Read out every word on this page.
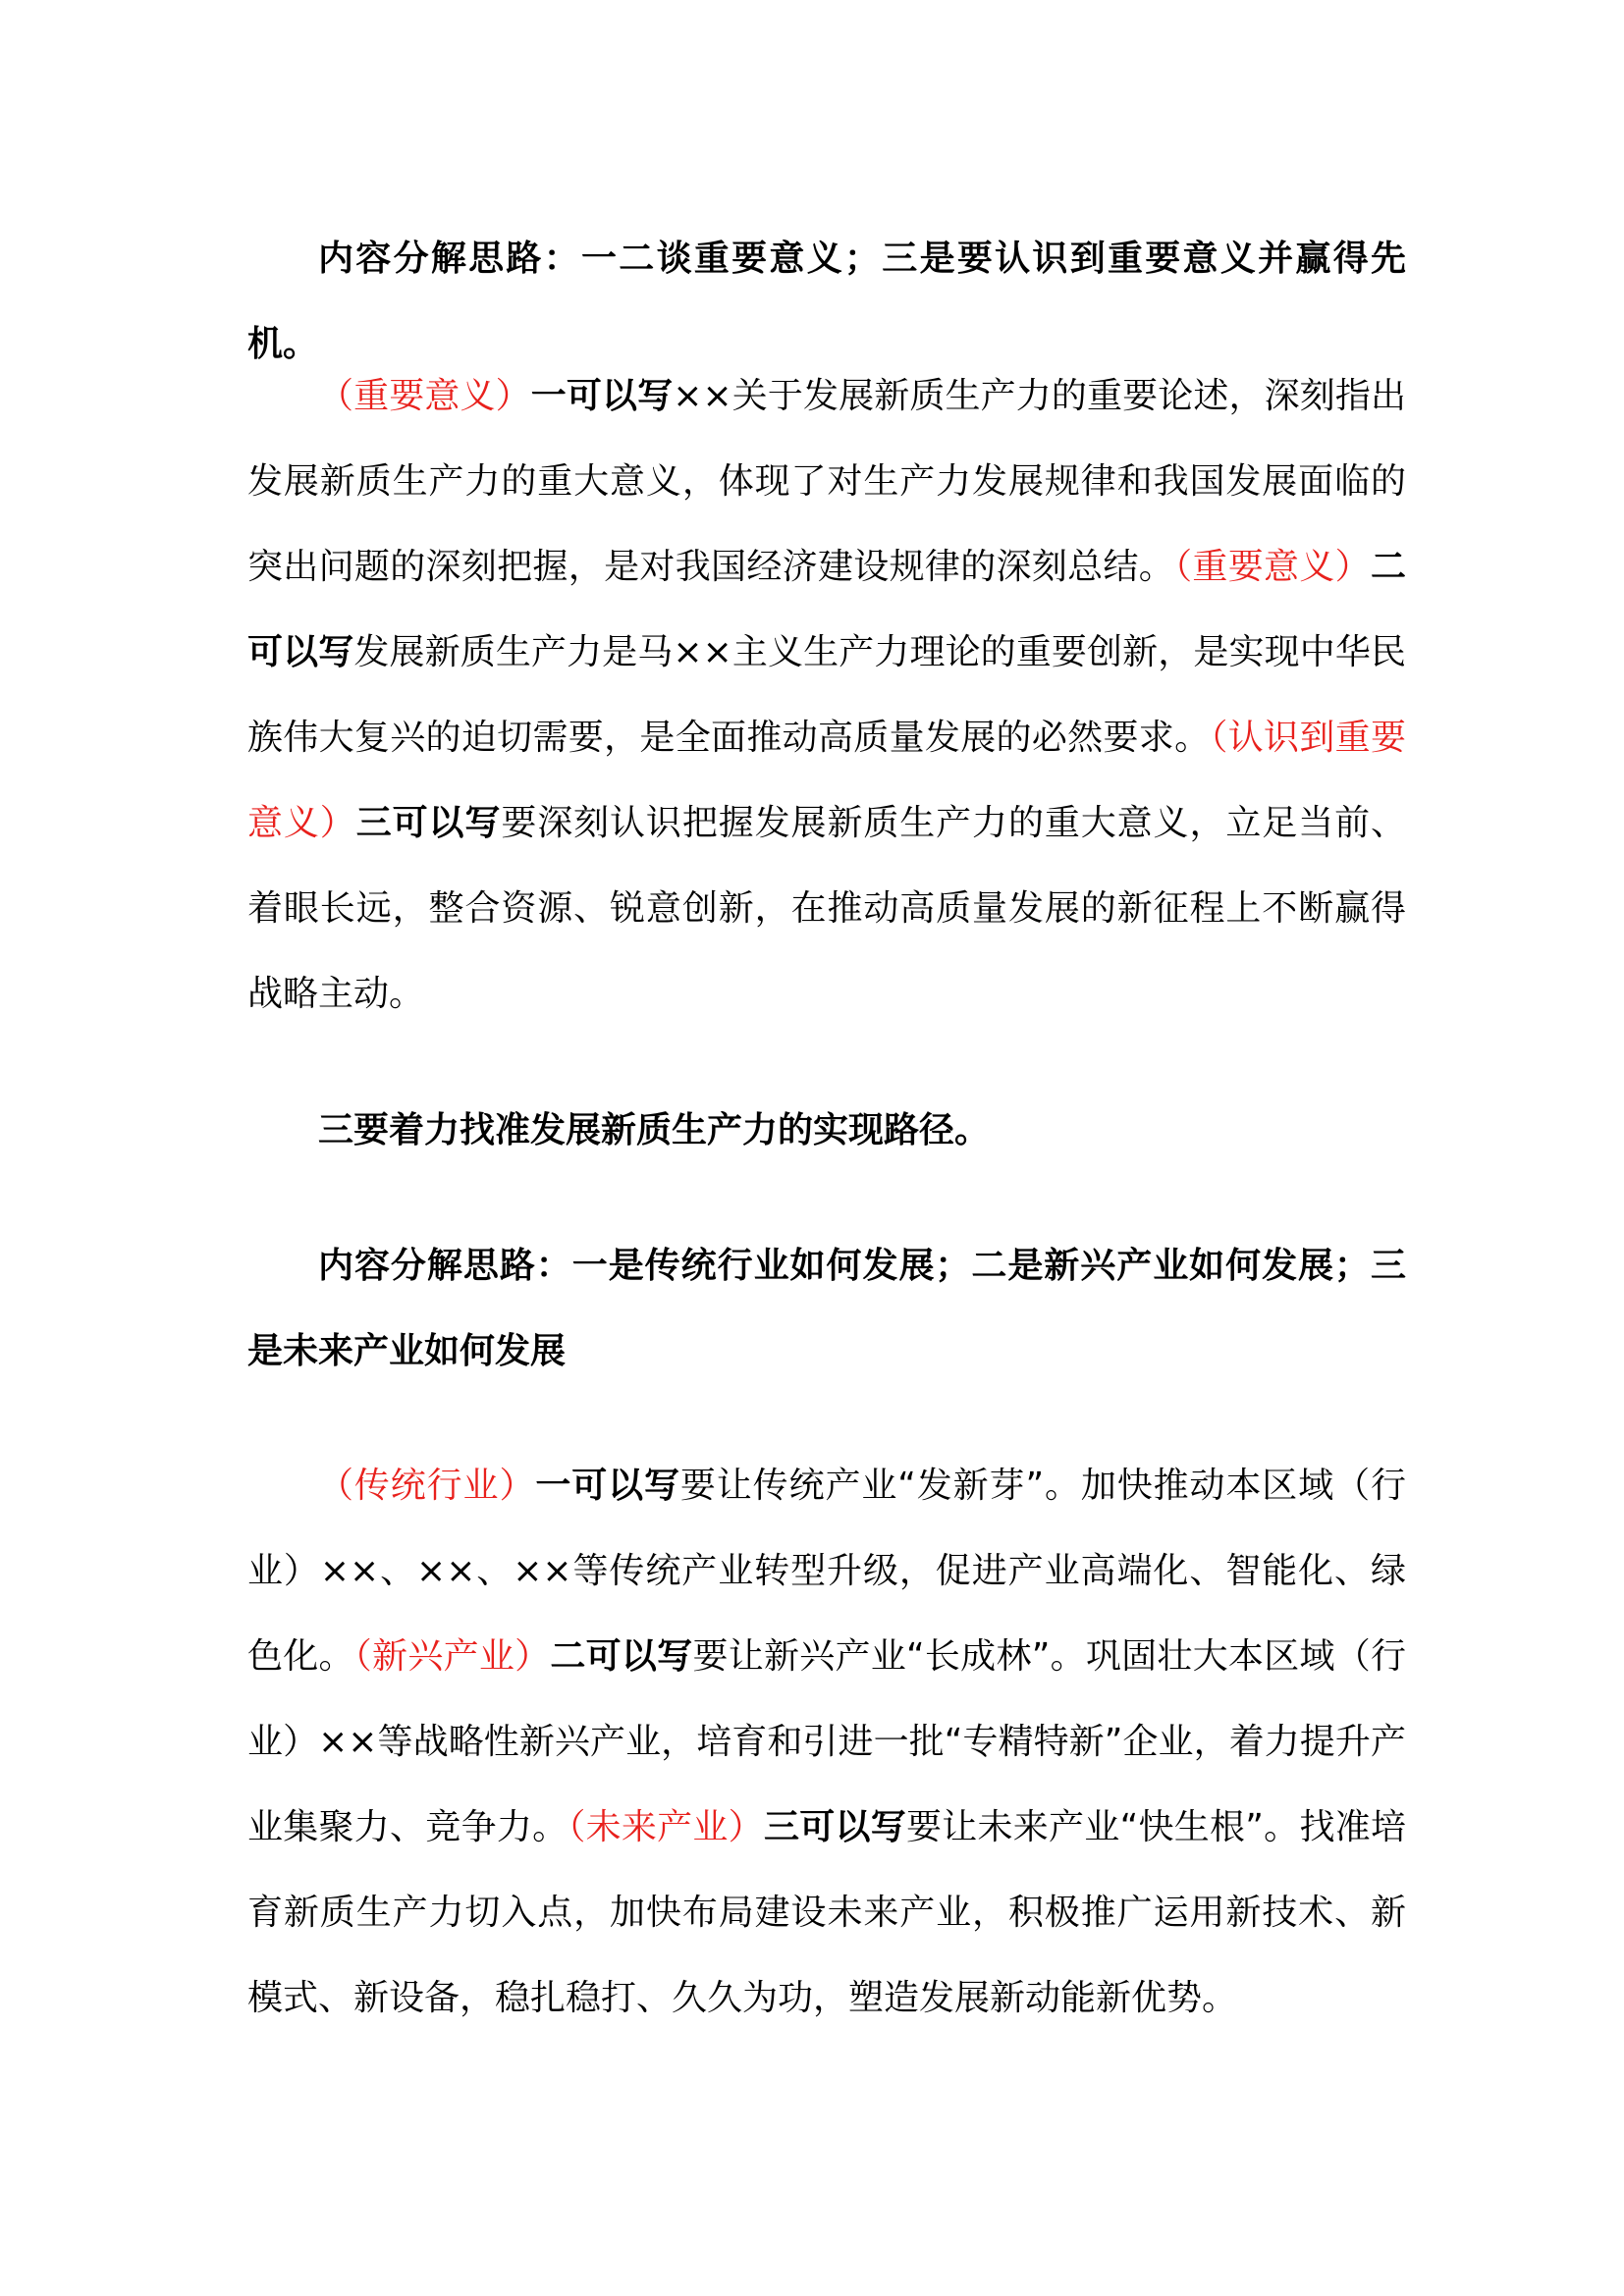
内容分解思路：一二谈重要意义；三是要认识到重要意义并赢得先机。

（重要意义）一可以写××关于发展新质生产力的重要论述，深刻指出发展新质生产力的重大意义，体现了对生产力发展规律和我国发展面临的突出问题的深刻把握，是对我国经济建设规律的深刻总结。（重要意义）二可以写发展新质生产力是马××主义生产力理论的重要创新，是实现中华民族伟大复兴的迫切需要，是全面推动高质量发展的必然要求。（认识到重要意义）三可以写要深刻认识把握发展新质生产力的重大意义，立足当前、着眼长远，整合资源、锐意创新，在推动高质量发展的新征程上不断赢得战略主动。

三要着力找准发展新质生产力的实现路径。

内容分解思路：一是传统行业如何发展；二是新兴产业如何发展；三是未来产业如何发展

（传统行业）一可以写要让传统产业“发新芽”。加快推动本区域（行业）××、××、××等传统产业转型升级，促进产业高端化、智能化、绿色化。（新兴产业）二可以写要让新兴产业“长成林”。巩固壮大本区域（行业）××等战略性新兴产业，培育和引进一批“专精特新”企业，着力提升产业集聚力、竞争力。（未来产业）三可以写要让未来产业“快生根”。找准培育新质生产力切入点，加快布局建设未来产业，积极推广运用新技术、新模式、新设备，稳扎稳打、久久为功，塑造发展新动能新优势。
